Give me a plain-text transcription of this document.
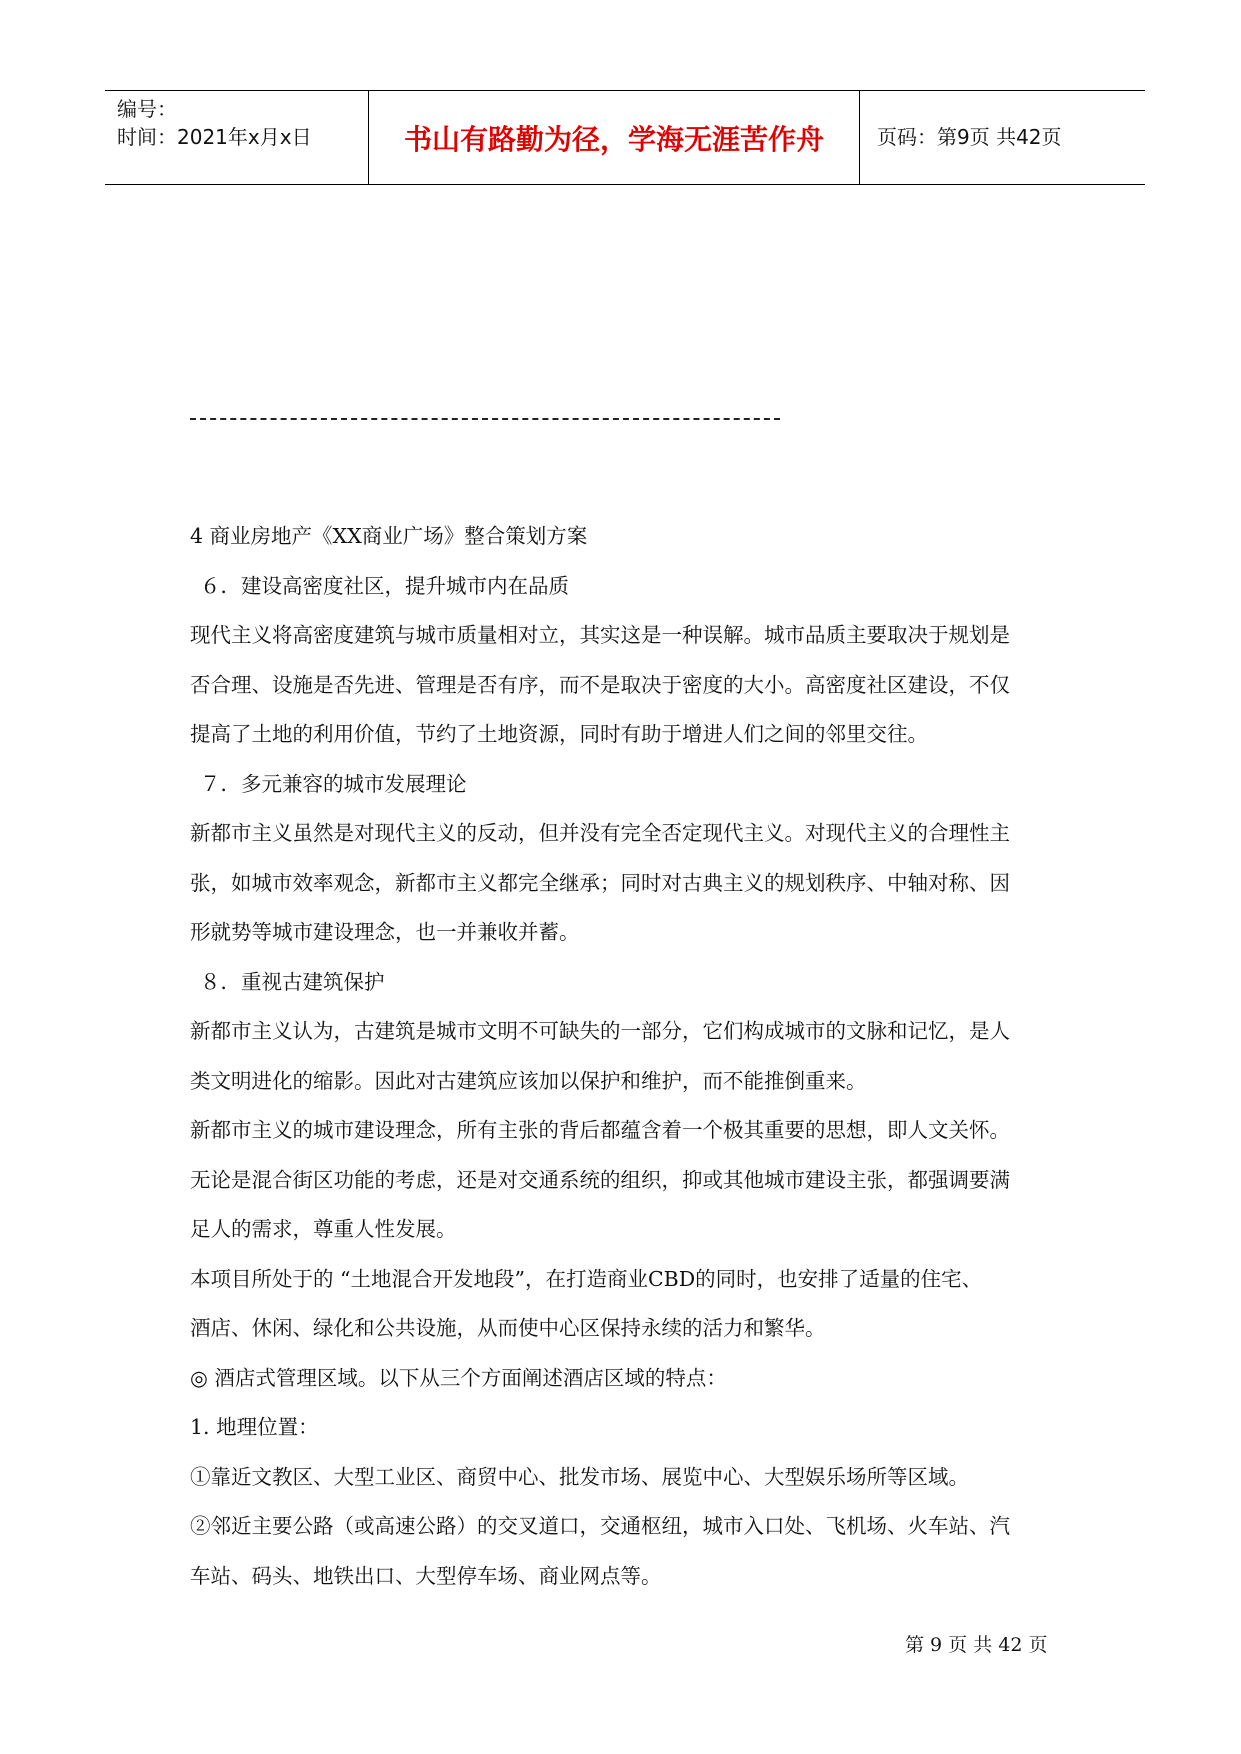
编号：
时间：2021年x月x日	书山有路勤为径，学海无涯苦作舟	页码：第9页 共42页

4 商业房地产《XX商业广场》整合策划方案

６．建设高密度社区，提升城市内在品质

现代主义将高密度建筑与城市质量相对立，其实这是一种误解。城市品质主要取决于规划是

否合理、设施是否先进、管理是否有序，而不是取决于密度的大小。高密度社区建设，不仅

提高了土地的利用价值，节约了土地资源，同时有助于增进人们之间的邻里交往。

７．多元兼容的城市发展理论

新都市主义虽然是对现代主义的反动，但并没有完全否定现代主义。对现代主义的合理性主

张，如城市效率观念，新都市主义都完全继承；同时对古典主义的规划秩序、中轴对称、因

形就势等城市建设理念，也一并兼收并蓄。

８．重视古建筑保护

新都市主义认为，古建筑是城市文明不可缺失的一部分，它们构成城市的文脉和记忆，是人

类文明进化的缩影。因此对古建筑应该加以保护和维护，而不能推倒重来。

新都市主义的城市建设理念，所有主张的背后都蕴含着一个极其重要的思想，即人文关怀。

无论是混合街区功能的考虑，还是对交通系统的组织，抑或其他城市建设主张，都强调要满

足人的需求，尊重人性发展。

本项目所处于的 “土地混合开发地段”，在打造商业CBD的同时，也安排了适量的住宅、

酒店、休闲、绿化和公共设施，从而使中心区保持永续的活力和繁华。

◎ 酒店式管理区域。以下从三个方面阐述酒店区域的特点：

1. 地理位置：

①靠近文教区、大型工业区、商贸中心、批发市场、展览中心、大型娱乐场所等区域。

②邻近主要公路（或高速公路）的交叉道口，交通枢纽，城市入口处、飞机场、火车站、汽

车站、码头、地铁出口、大型停车场、商业网点等。

第 9 页 共 42 页
